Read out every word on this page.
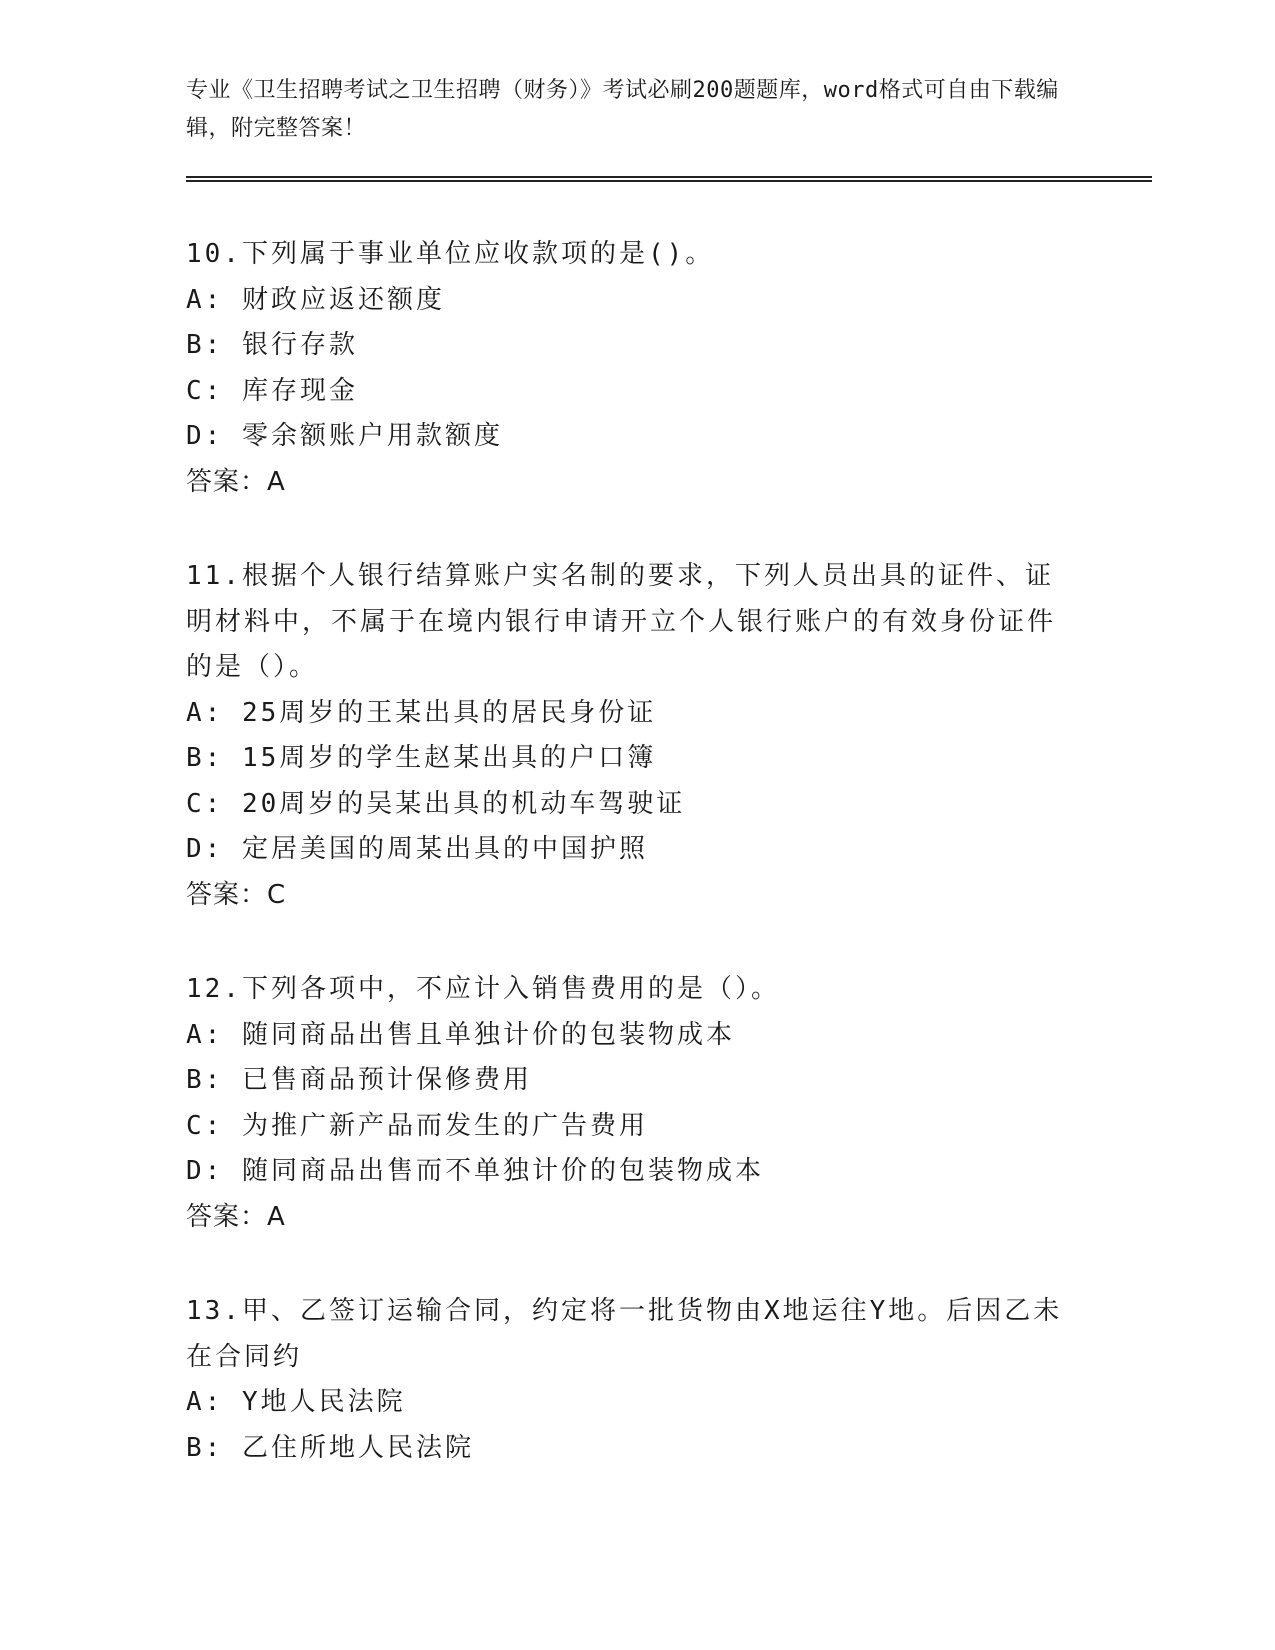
专业《卫生招聘考试之卫生招聘（财务）》考试必刷200题题库，word格式可自由下载编辑，附完整答案！
10.下列属于事业单位应收款项的是()。
A: 财政应返还额度
B: 银行存款
C: 库存现金
D: 零余额账户用款额度
答案：A
11.根据个人银行结算账户实名制的要求，下列人员出具的证件、证明材料中，不属于在境内银行申请开立个人银行账户的有效身份证件的是（）。
A: 25周岁的王某出具的居民身份证
B: 15周岁的学生赵某出具的户口簿
C: 20周岁的吴某出具的机动车驾驶证
D: 定居美国的周某出具的中国护照
答案：C
12.下列各项中，不应计入销售费用的是（）。
A: 随同商品出售且单独计价的包装物成本
B: 已售商品预计保修费用
C: 为推广新产品而发生的广告费用
D: 随同商品出售而不单独计价的包装物成本
答案：A
13.甲、乙签订运输合同，约定将一批货物由X地运往Y地。后因乙未在合同约
A: Y地人民法院
B: 乙住所地人民法院
